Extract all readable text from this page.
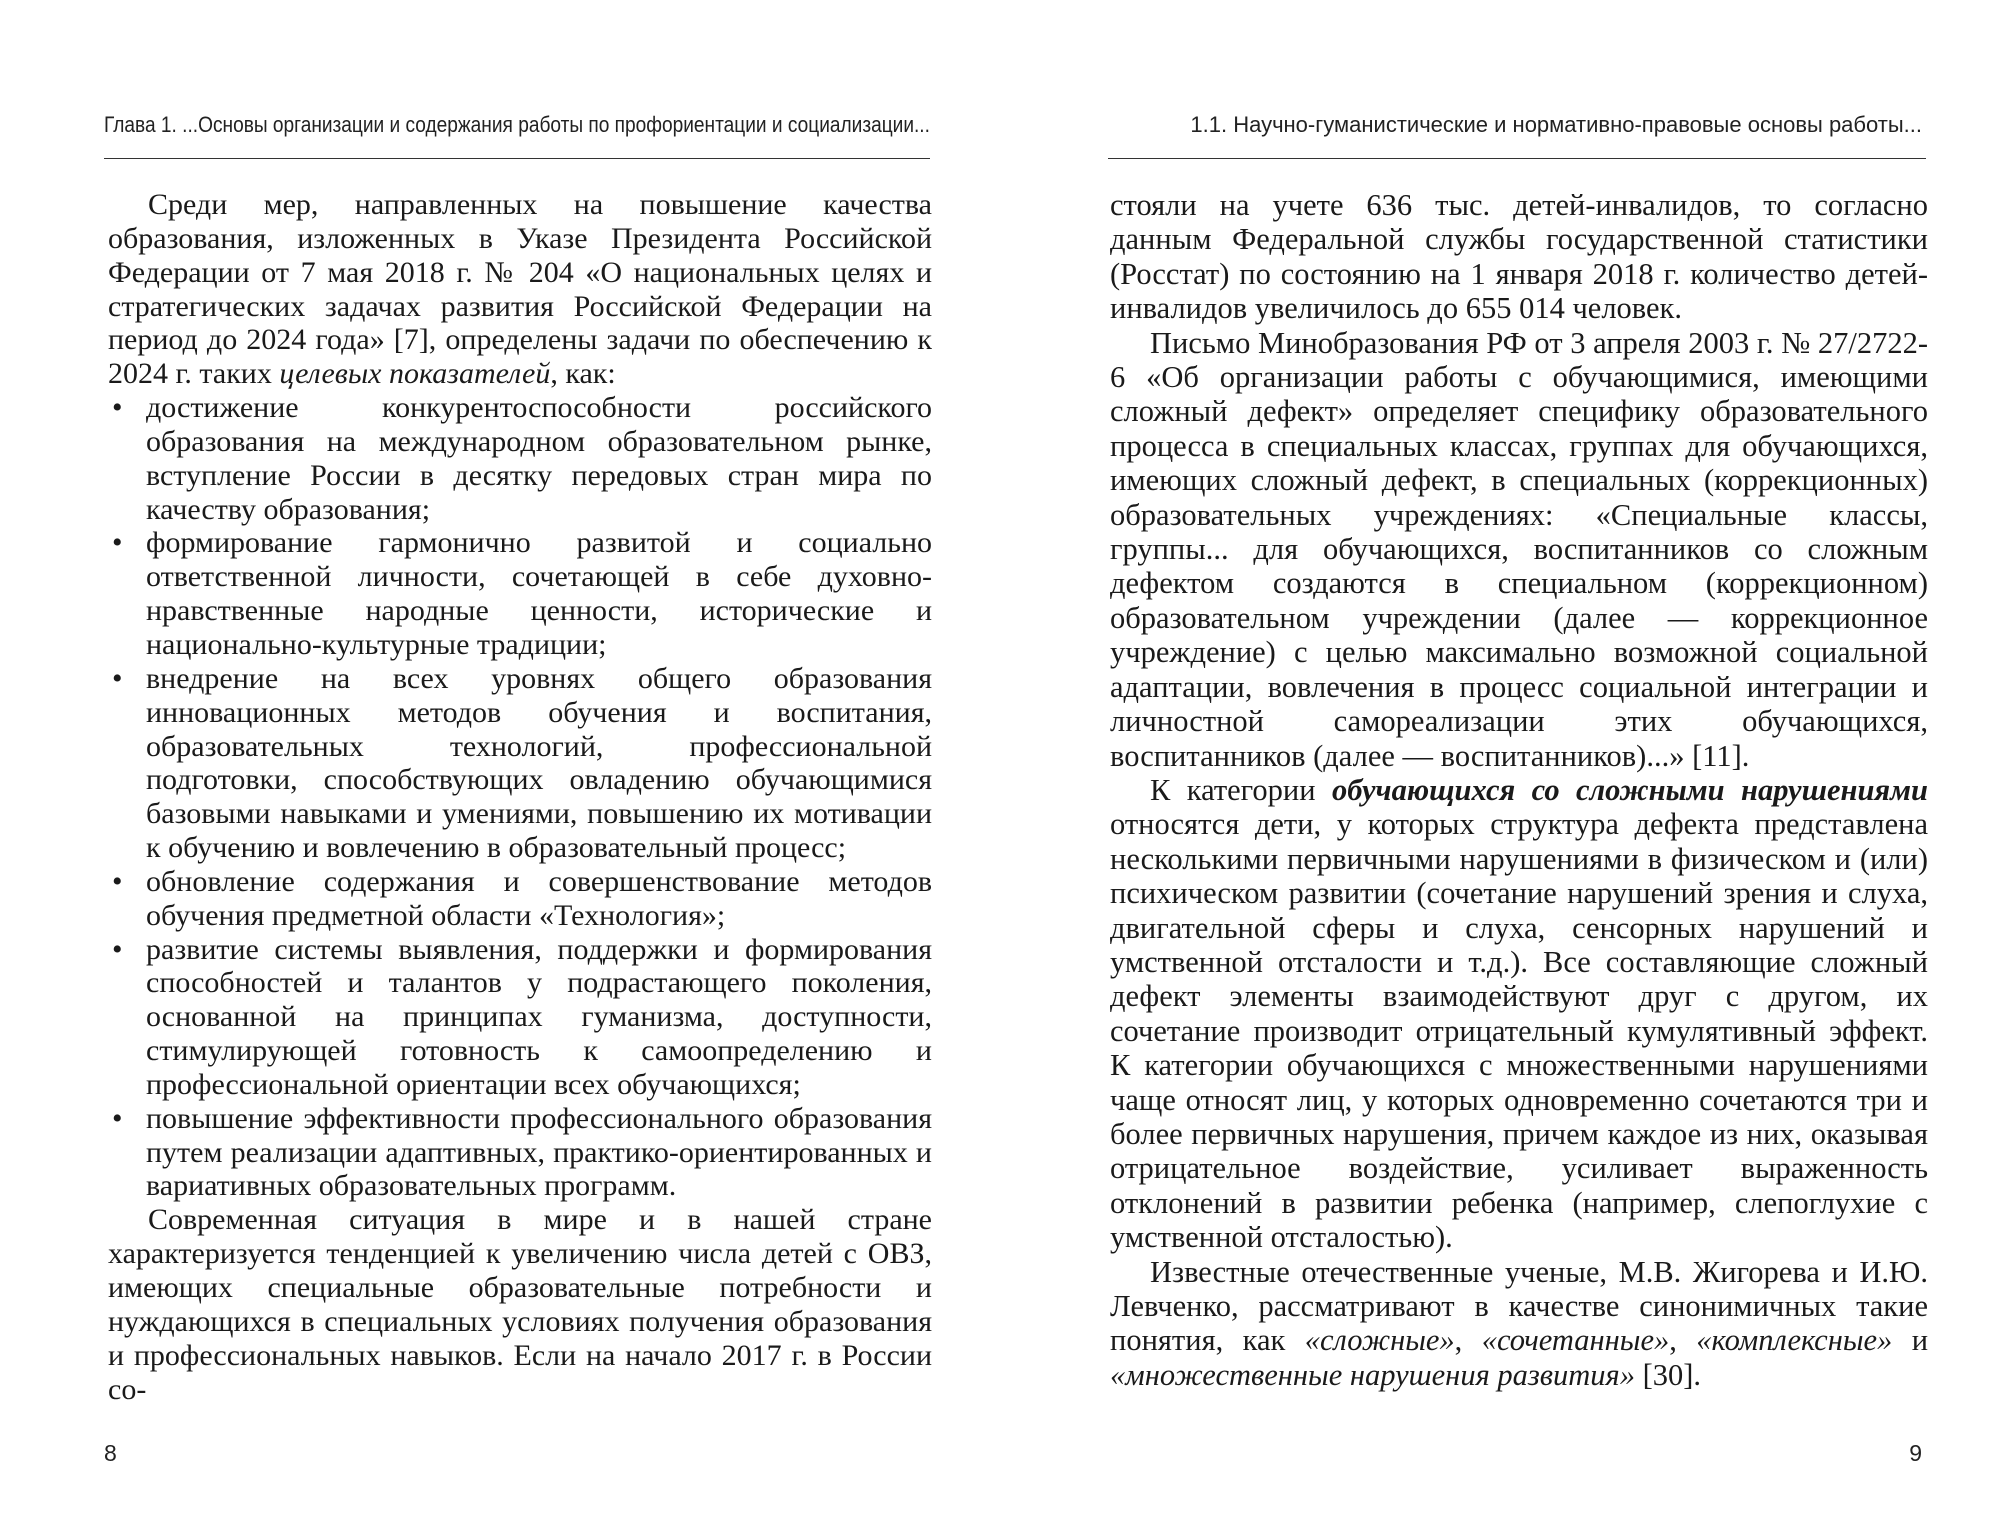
Глава 1. ...Основы организации и содержания работы по профориентации и социализации...

Среди мер, направленных на повышение качества образования, изложенных в Указе Президента Российской Федерации от 7 мая 2018 г. № 204 «О национальных целях и стратегических задачах развития Российской Федерации на период до 2024 года» [7], определены задачи по обеспечению к 2024 г. таких целевых показателей, как:

• достижение конкурентоспособности российского образования на международном образовательном рынке, вступление России в десятку передовых стран мира по качеству образования;
• формирование гармонично развитой и социально ответственной личности, сочетающей в себе духовно-нравственные народные ценности, исторические и национально-культурные традиции;
• внедрение на всех уровнях общего образования инновационных методов обучения и воспитания, образовательных технологий, профессиональной подготовки, способствующих овладению обучающимися базовыми навыками и умениями, повышению их мотивации к обучению и вовлечению в образовательный процесс;
• обновление содержания и совершенствование методов обучения предметной области «Технология»;
• развитие системы выявления, поддержки и формирования способностей и талантов у подрастающего поколения, основанной на принципах гуманизма, доступности, стимулирующей готовность к самоопределению и профессиональной ориентации всех обучающихся;
• повышение эффективности профессионального образования путем реализации адаптивных, практико-ориентированных и вариативных образовательных программ.

Современная ситуация в мире и в нашей стране характеризуется тенденцией к увеличению числа детей с ОВЗ, имеющих специальные образовательные потребности и нуждающихся в специальных условиях получения образования и профессиональных навыков. Если на начало 2017 г. в России со-

8
1.1. Научно-гуманистические и нормативно-правовые основы работы...

стояли на учете 636 тыс. детей-инвалидов, то согласно данным Федеральной службы государственной статистики (Росстат) по состоянию на 1 января 2018 г. количество детей-инвалидов увеличилось до 655 014 человек.

Письмо Минобразования РФ от 3 апреля 2003 г. № 27/2722-6 «Об организации работы с обучающимися, имеющими сложный дефект» определяет специфику образовательного процесса в специальных классах, группах для обучающихся, имеющих сложный дефект, в специальных (коррекционных) образовательных учреждениях: «Специальные классы, группы... для обучающихся, воспитанников со сложным дефектом создаются в специальном (коррекционном) образовательном учреждении (далее — коррекционное учреждение) с целью максимально возможной социальной адаптации, вовлечения в процесс социальной интеграции и личностной самореализации этих обучающихся, воспитанников (далее — воспитанников)...» [11].

К категории обучающихся со сложными нарушениями относятся дети, у которых структура дефекта представлена несколькими первичными нарушениями в физическом и (или) психическом развитии (сочетание нарушений зрения и слуха, двигательной сферы и слуха, сенсорных нарушений и умственной отсталости и т.д.). Все составляющие сложный дефект элементы взаимодействуют друг с другом, их сочетание производит отрицательный кумулятивный эффект. К категории обучающихся с множественными нарушениями чаще относят лиц, у которых одновременно сочетаются три и более первичных нарушения, причем каждое из них, оказывая отрицательное воздействие, усиливает выраженность отклонений в развитии ребенка (например, слепоглухие с умственной отсталостью).

Известные отечественные ученые, М.В. Жигорева и И.Ю. Левченко, рассматривают в качестве синонимичных такие понятия, как «сложные», «сочетанные», «комплексные» и «множественные нарушения развития» [30].

9
